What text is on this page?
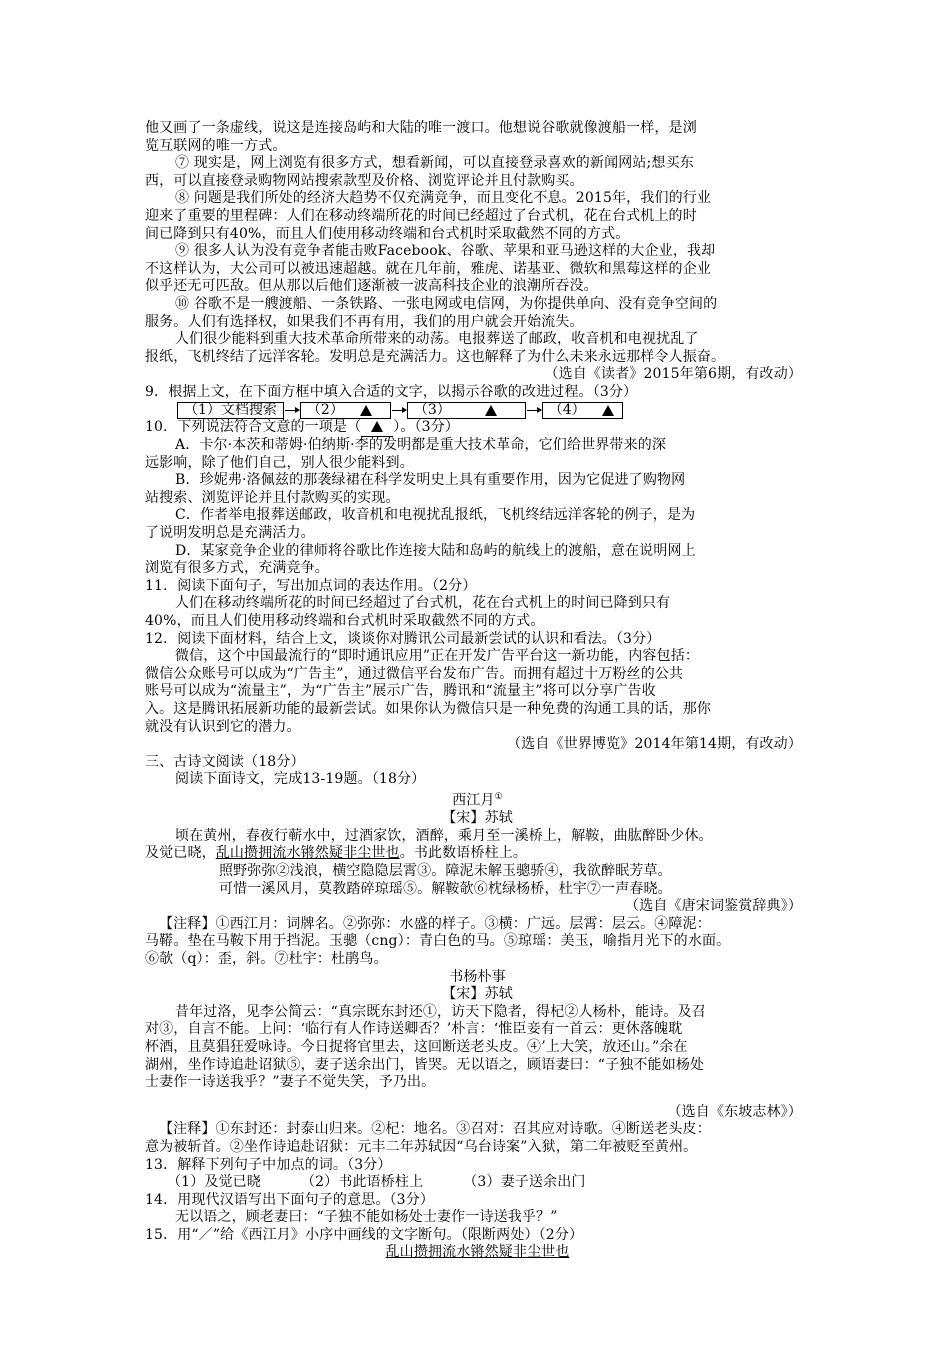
他又画了一条虚线，说这是连接岛屿和大陆的唯一渡口。他想说谷歌就像渡船一样，是浏
览互联网的唯一方式。
⑦ 现实是，网上浏览有很多方式，想看新闻，可以直接登录喜欢的新闻网站;想买东
西，可以直接登录购物网站搜索款型及价格、浏览评论并且付款购买。
⑧ 问题是我们所处的经济大趋势不仅充满竞争，而且变化不息。2015年，我们的行业
迎来了重要的里程碑：人们在移动终端所花的时间已经超过了台式机，花在台式机上的时
间已降到只有40%，而且人们使用移动终端和台式机时采取截然不同的方式。
⑨ 很多人认为没有竞争者能击败Facebook、谷歌、苹果和亚马逊这样的大企业，我却
不这样认为，大公司可以被迅速超越。就在几年前，雅虎、诺基亚、微软和黑莓这样的企业
似乎还无可匹敌。但从那以后他们逐渐被一波高科技企业的浪潮所吞没。
⑩ 谷歌不是一艘渡船、一条铁路、一张电网或电信网，为你提供单向、没有竞争空间的
服务。人们有选择权，如果我们不再有用，我们的用户就会开始流失。
人们很少能料到重大技术革命所带来的动荡。电报葬送了邮政，收音机和电视扰乱了
报纸，飞机终结了远洋客轮。发明总是充满活力。这也解释了为什么未来永远那样令人振奋。
（选自《读者》2015年第6期，有改动）
9．根据上文，在下面方框中填入合适的文字，以揭示谷歌的改进过程。（3分）
（1）文档搜索 （2）	（3）	（4）
10．下列说法符合文意的一项是（ ）。（3分）
A．卡尔·本茨和蒂姆·伯纳斯·李的发明都是重大技术革命，它们给世界带来的深
远影响，除了他们自己，别人很少能料到。
B．珍妮弗·洛佩兹的那袭绿裙在科学发明史上具有重要作用，因为它促进了购物网
站搜索、浏览评论并且付款购买的实现。
C．作者举电报葬送邮政，收音机和电视扰乱报纸，飞机终结远洋客轮的例子，是为
了说明发明总是充满活力。
D．某家竞争企业的律师将谷歌比作连接大陆和岛屿的航线上的渡船，意在说明网上
浏览有很多方式，充满竞争。
11．阅读下面句子，写出加点词的表达作用。（2分）
人们在移动终端所花的时间已经超过了台式机，花在台式机上的时间已降到只有
40%，而且人们使用移动终端和台式机时采取截然不同的方式。
12．阅读下面材料，结合上文，谈谈你对腾讯公司最新尝试的认识和看法。（3分）
微信，这个中国最流行的“即时通讯应用”正在开发广告平台这一新功能，内容包括：
微信公众账号可以成为“广告主”，通过微信平台发布广告。而拥有超过十万粉丝的公共
账号可以成为“流量主”，为“广告主”展示广告，腾讯和“流量主”将可以分享广告收
入。这是腾讯拓展新功能的最新尝试。如果你认为微信只是一种免费的沟通工具的话，那你
就没有认识到它的潜力。
（选自《世界博览》2014年第14期，有改动）
三、古诗文阅读（18分）
阅读下面诗文，完成13-19题。（18分）
西江月①
【宋】苏轼
顷在黄州，春夜行蕲水中，过酒家饮，酒醉，乘月至一溪桥上，解鞍，曲肱醉卧少休。
及觉已晓，乱山攒拥流水锵然疑非尘世也。书此数语桥柱上。
照野弥弥②浅浪，横空隐隐层霄③。障泥未解玉骢骄④，我欲醉眠芳草。
可惜一溪风月，莫教踏碎琼瑶⑤。解鞍欹⑥枕绿杨桥，杜宇⑦一声春晓。
（选自《唐宋词鉴赏辞典》）
【注释】①西江月：词牌名。②弥弥：水盛的样子。③横：广远。层霄：层云。④障泥：
马鞯。垫在马鞍下用于挡泥。玉骢（cng）：青白色的马。⑤琼瑶：美玉，喻指月光下的水面。
⑥欹（q）：歪，斜。⑦杜宇：杜鹃鸟。
书杨朴事
【宋】苏轼
昔年过洛，见李公简云：“真宗既东封还①，访天下隐者，得杞②人杨朴，能诗。及召
对③，自言不能。上问：‘临行有人作诗送卿否？’朴言：‘惟臣妾有一首云：更休落魄耽
杯酒，且莫猖狂爱咏诗。今日捉将官里去，这回断送老头皮。④’上大笑，放还山。”余在
湖州，坐作诗追赴诏狱⑤，妻子送余出门，皆哭。无以语之，顾语妻曰：“子独不能如杨处
士妻作一诗送我乎？”妻子不觉失笑，予乃出。
（选自《东坡志林》）
【注释】①东封还：封泰山归来。②杞：地名。③召对：召其应对诗歌。④断送老头皮：
意为被斩首。②坐作诗追赴诏狱：元丰二年苏轼因“乌台诗案”入狱，第二年被贬至黄州。
13．解释下列句子中加点的词。（3分）
（1）及觉已晓	（2）书此语桥柱上	（3）妻子送余出门
14．用现代汉语写出下面句子的意思。（3分）
无以语之，顾老妻曰：“子独不能如杨处士妻作一诗送我乎？”
15．用“／”给《西江月》小序中画线的文字断句。（限断两处）（2分）
乱山攒拥流水锵然疑非尘世也
